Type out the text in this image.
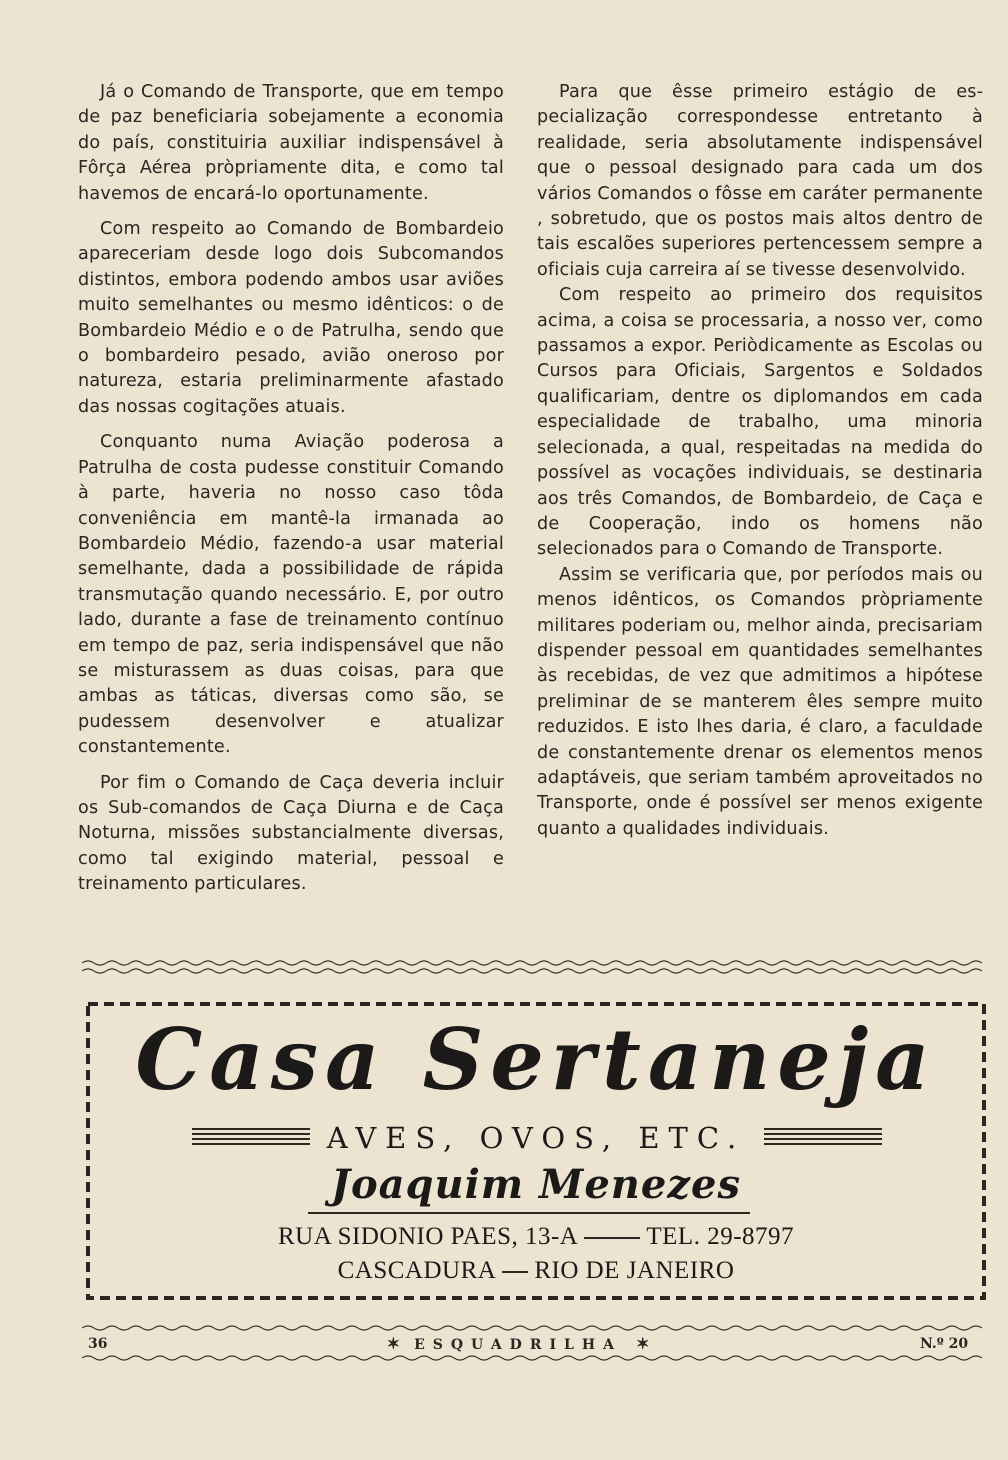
Já o Comando de Transporte, que em tempo de paz beneficiaria sobejamente a economia do país, constituiria auxiliar indispensável à Fôrça Aérea pròpriamente dita, e como tal havemos de encará-lo oportunamente.

Com respeito ao Comando de Bombardeio apareceriam desde logo dois Subcomandos distintos, embora podendo ambos usar aviões muito semelhantes ou mesmo idênticos: o de Bombardeio Médio e o de Patrulha, sendo que o bombardeiro pesado, avião oneroso por natureza, estaria preliminarmente afastado das nossas cogitações atuais.

Conquanto numa Aviação poderosa a Patrulha de costa pudesse constituir Comando à parte, haveria no nosso caso tôda conveniência em mantê-la irmanada ao Bombardeio Médio, fazendo-a usar material semelhante, dada a possibilidade de rápida transmutação quando necessário. E, por outro lado, durante a fase de treinamento contínuo em tempo de paz, seria indispensável que não se misturassem as duas coisas, para que ambas as táticas, diversas como são, se pudessem desenvolver e atualizar constantemente.

Por fim o Comando de Caça deveria incluir os Sub-comandos de Caça Diurna e de Caça Noturna, missões substancialmente diversas, como tal exigindo material, pessoal e treinamento particulares.

Para que êsse primeiro estágio de especialização correspondesse entretanto à realidade, seria absolutamente indispensável que o pessoal designado para cada um dos vários Comandos o fôsse em caráter permanente , sobretudo, que os postos mais altos dentro de tais escalões superiores pertencessem sempre a oficiais cuja carreira aí se tivesse desenvolvido.

Com respeito ao primeiro dos requisitos acima, a coisa se processaria, a nosso ver, como passamos a expor. Periòdicamente as Escolas ou Cursos para Oficiais, Sargentos e Soldados qualificariam, dentre os diplomandos em cada especialidade de trabalho, uma minoria selecionada, a qual, respeitadas na medida do possível as vocações individuais, se destinaria aos três Comandos, de Bombardeio, de Caça e de Cooperação, indo os homens não selecionados para o Comando de Transporte.

Assim se verificaria que, por períodos mais ou menos idênticos, os Comandos pròpriamente militares poderiam ou, melhor ainda, precisariam dispender pessoal em quantidades semelhantes às recebidas, de vez que admitimos a hipótese preliminar de se manterem êles sempre muito reduzidos. E isto lhes daria, é claro, a faculdade de constantemente drenar os elementos menos adaptáveis, que seriam também aproveitados no Transporte, onde é possível ser menos exigente quanto a qualidades individuais.

Casa Sertaneja
AVES, OVOS, ETC.
Joaquim Menezes
RUA SIDONIO PAES, 13-A	TEL. 29-8797
CASCADURA RIO DE JANEIRO
36	✶ ESQUADRILHA ✶	N.º 20
